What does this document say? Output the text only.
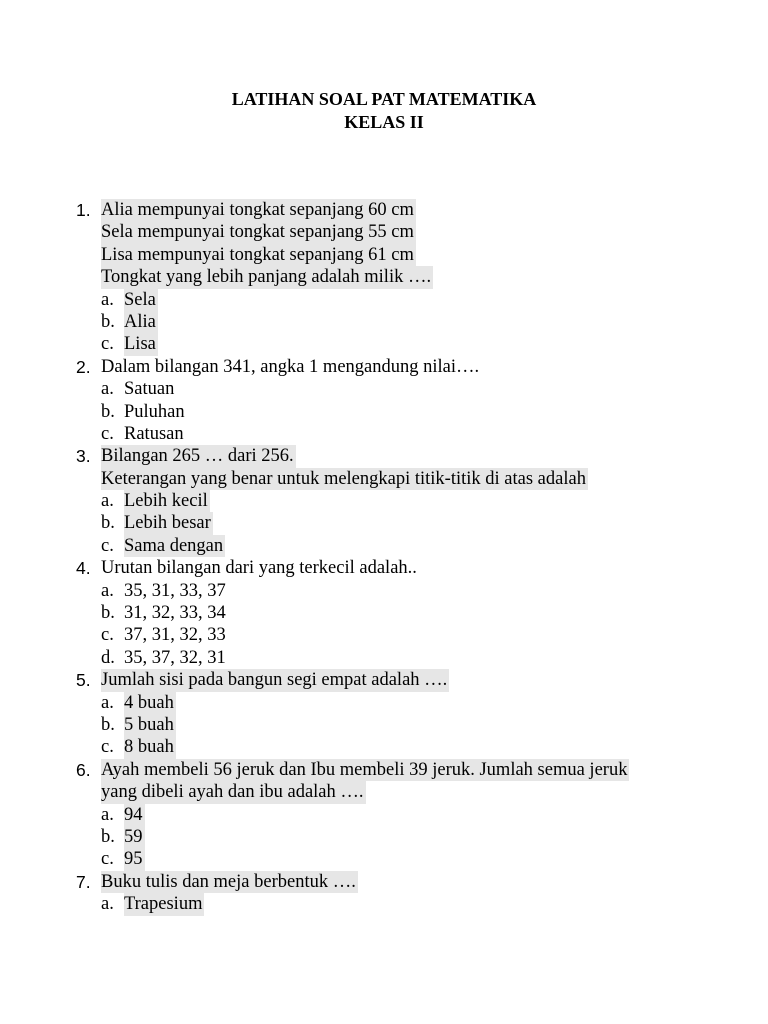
LATIHAN SOAL PAT MATEMATIKA
KELAS II
1. Alia mempunyai tongkat sepanjang 60 cm
Sela mempunyai tongkat sepanjang 55 cm
Lisa mempunyai tongkat sepanjang 61 cm
Tongkat yang lebih panjang adalah milik ….
a. Sela
b. Alia
c. Lisa
2. Dalam bilangan 341, angka 1 mengandung nilai….
a. Satuan
b. Puluhan
c. Ratusan
3. Bilangan 265 … dari 256.
Keterangan yang benar untuk melengkapi titik-titik di atas adalah
a. Lebih kecil
b. Lebih besar
c. Sama dengan
4. Urutan bilangan dari yang terkecil adalah..
a. 35, 31, 33, 37
b. 31, 32, 33, 34
c. 37, 31, 32, 33
d. 35, 37, 32, 31
5. Jumlah sisi pada bangun segi empat adalah ….
a. 4 buah
b. 5 buah
c. 8 buah
6. Ayah membeli 56 jeruk dan Ibu membeli 39 jeruk. Jumlah semua jeruk
yang dibeli ayah dan ibu adalah ….
a. 94
b. 59
c. 95
7. Buku tulis dan meja berbentuk ….
a. Trapesium
